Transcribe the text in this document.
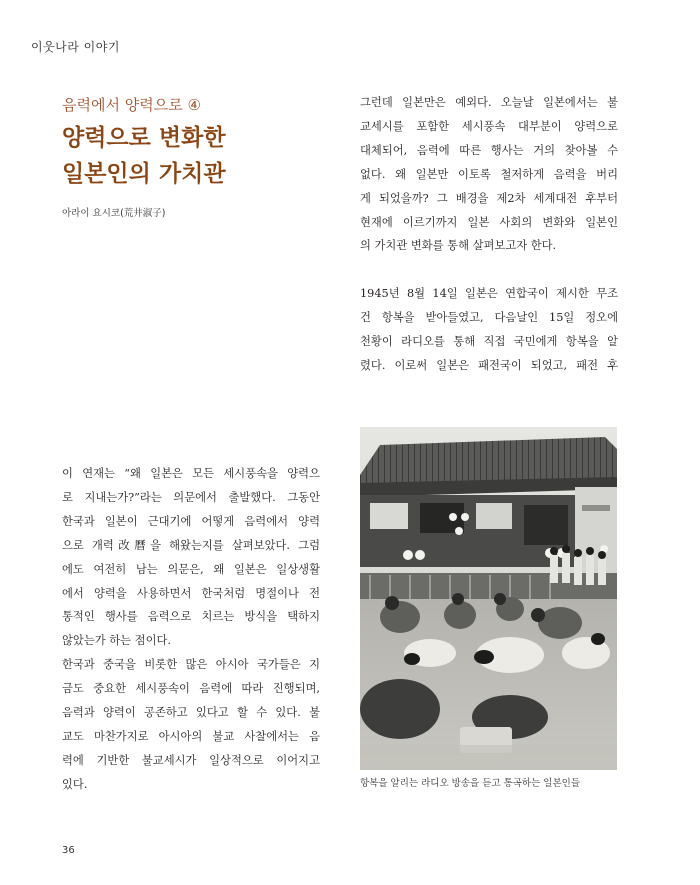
이웃나라 이야기
음력에서 양력으로 ④
양력으로 변화한
일본인의 가치관
아라이 요시코(荒井淑子)
그런데 일본만은 예외다. 오늘날 일본에서는 불
교세시를 포함한 세시풍속 대부분이 양력으로
대체되어, 음력에 따른 행사는 거의 찾아볼 수
없다. 왜 일본만 이토록 철저하게 음력을 버리
게 되었을까? 그 배경을 제2차 세계대전 후부터
현재에 이르기까지 일본 사회의 변화와 일본인
의 가치관 변화를 통해 살펴보고자 한다.
1945년 8월 14일 일본은 연합국이 제시한 무조
건 항복을 받아들였고, 다음날인 15일 정오에
천황이 라디오를 통해 직접 국민에게 항복을 알
렸다. 이로써 일본은 패전국이 되었고, 패전 후
항복을 알리는 라디오 방송을 듣고 통곡하는 일본인들
이 연재는 “왜 일본은 모든 세시풍속을 양력으
로 지내는가?”라는 의문에서 출발했다. 그동안
한국과 일본이 근대기에 어떻게 음력에서 양력
으로 개력改曆을 해왔는지를 살펴보았다. 그럼
에도 여전히 남는 의문은, 왜 일본은 일상생활
에서 양력을 사용하면서 한국처럼 명절이나 전
통적인 행사를 음력으로 치르는 방식을 택하지
않았는가 하는 점이다.
한국과 중국을 비롯한 많은 아시아 국가들은 지
금도 중요한 세시풍속이 음력에 따라 진행되며,
음력과 양력이 공존하고 있다고 할 수 있다. 불
교도 마찬가지로 아시아의 불교 사찰에서는 음
력에 기반한 불교세시가 일상적으로 이어지고
있다.
36
